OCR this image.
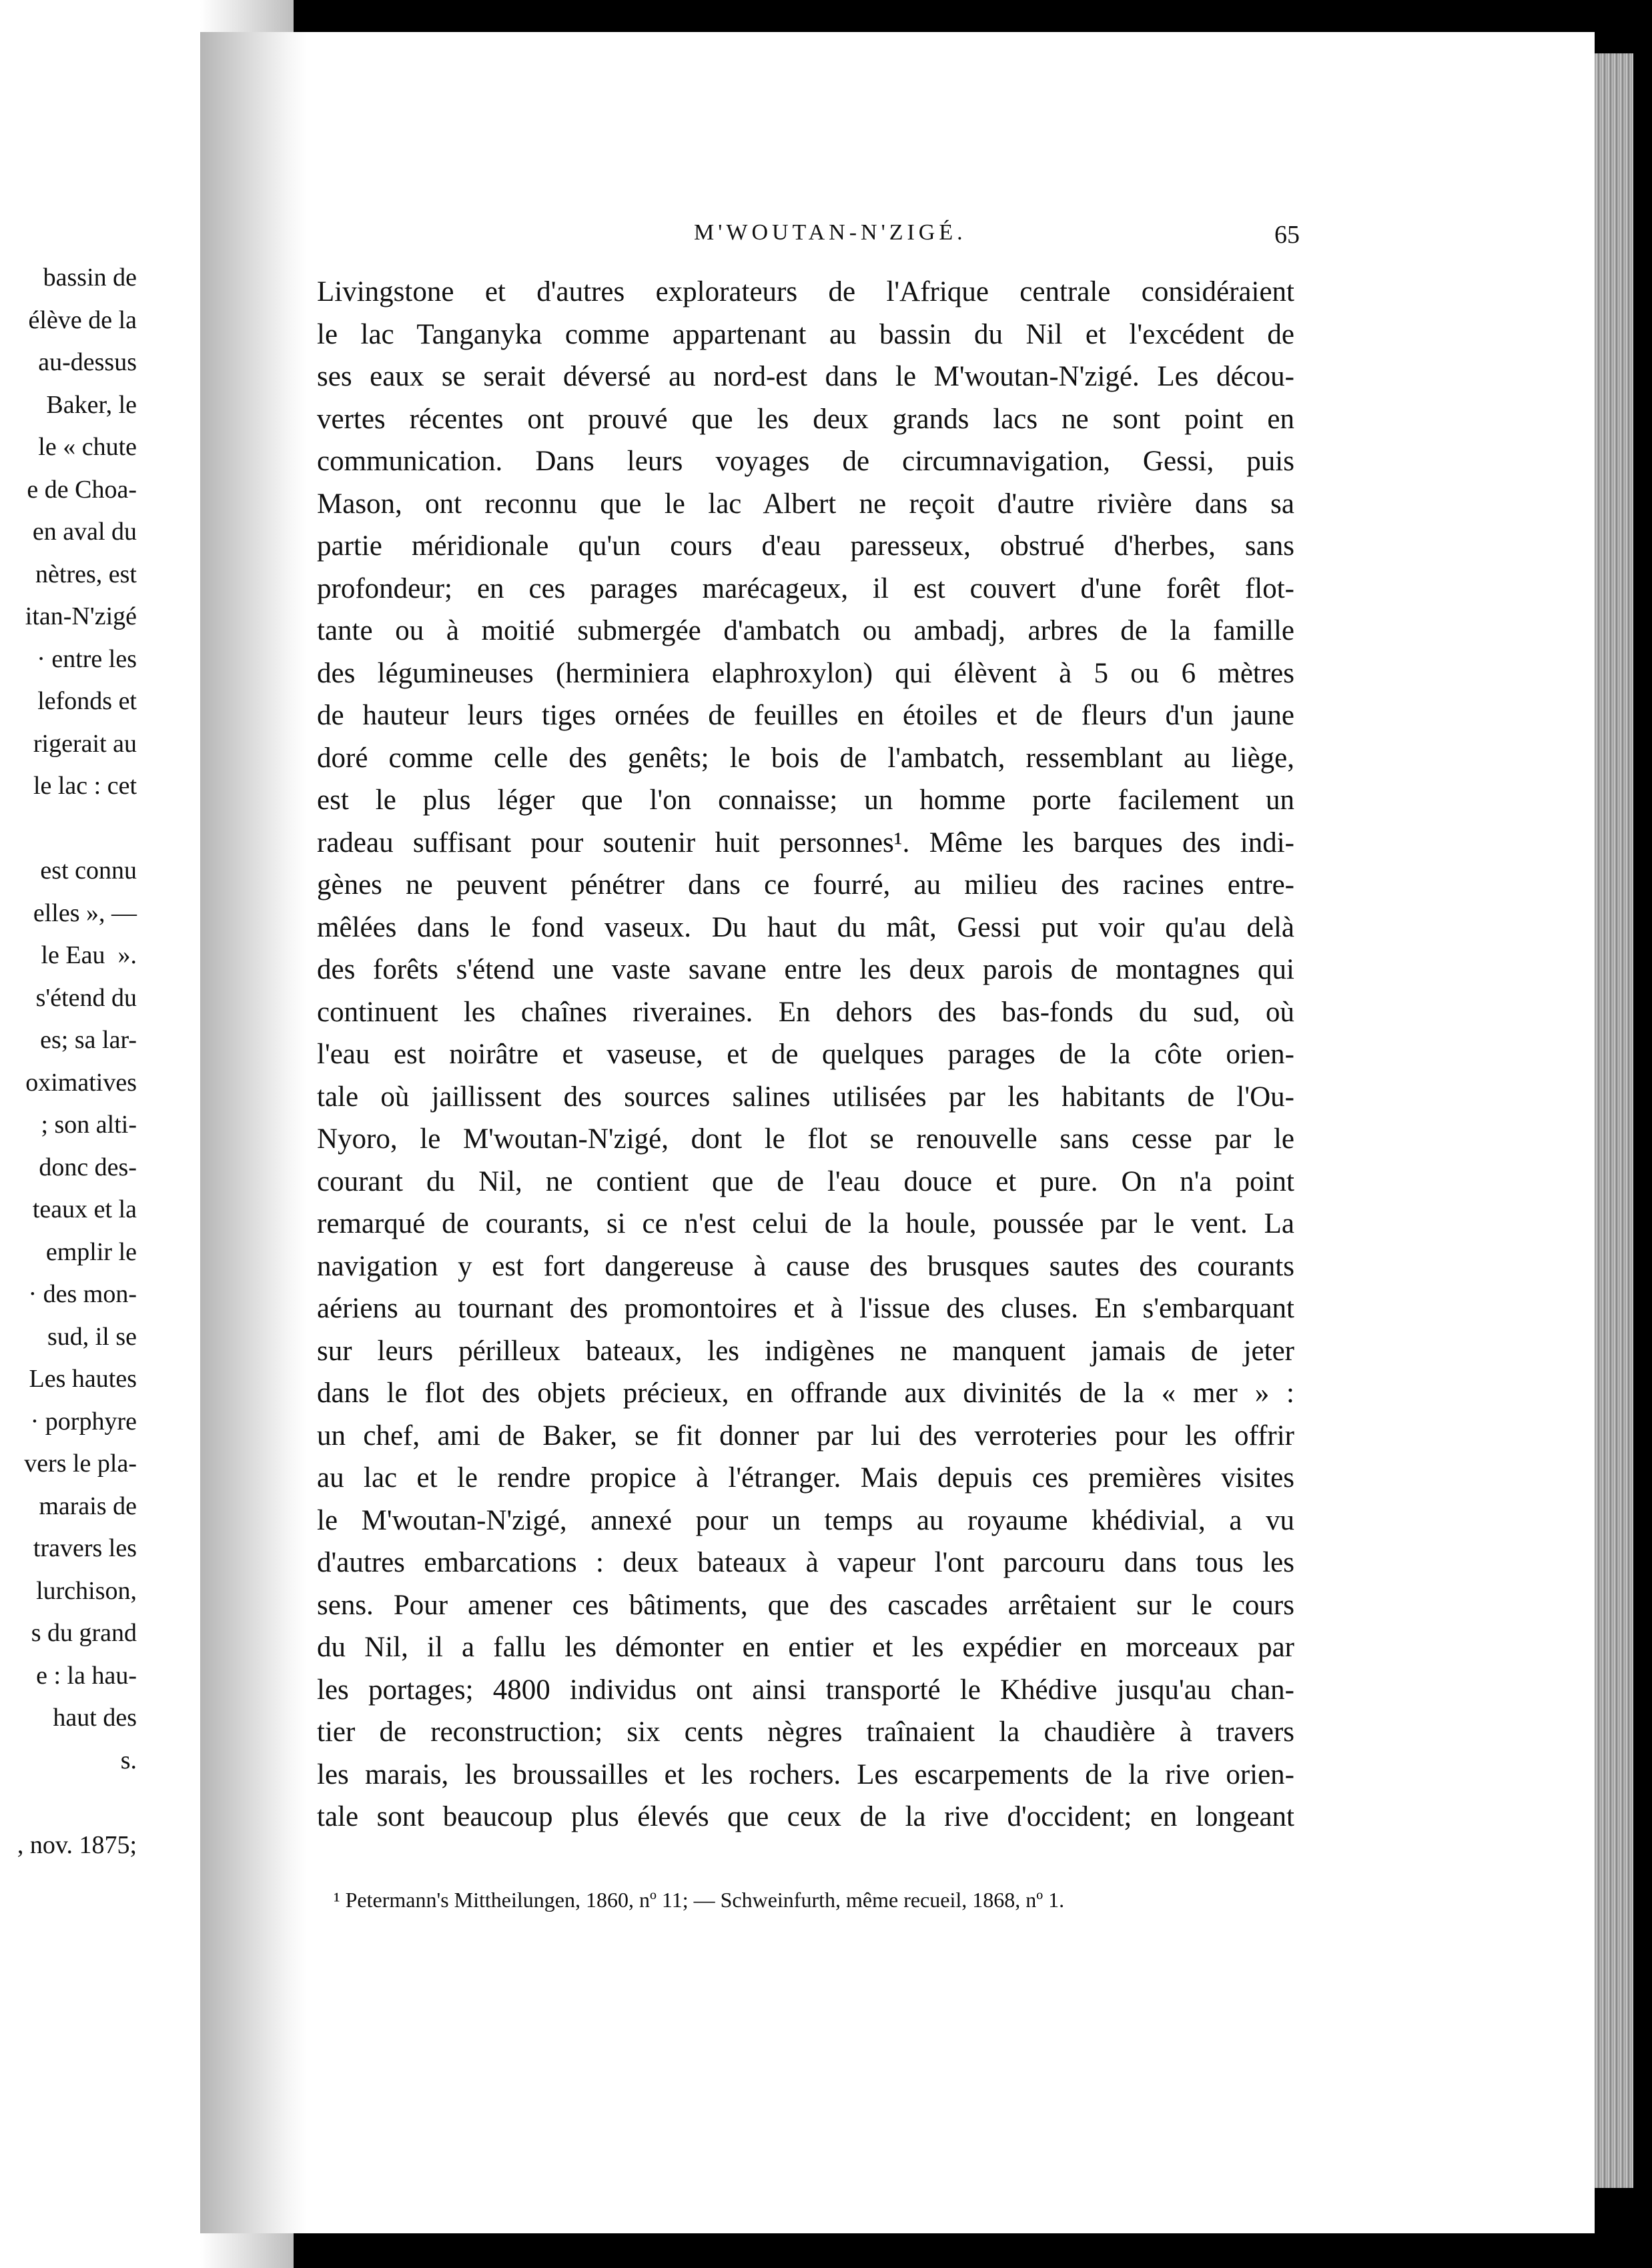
bassin de
élève de la
au-dessus
Baker, le
le « chute
e de Choa-
en aval du
nètres, est
itan-N'zigé
· entre les
lefonds et
rigerait au
le lac : cet
est connu
elles », —
le Eau  ».
s'étend du
es; sa lar-
oximatives
; son alti-
donc des-
teaux et la
emplir le
· des mon-
sud, il se
Les hautes
· porphyre
vers le pla-
marais de
travers les
lurchison,
s du grand
e : la hau-
haut des
s.
, nov. 1875;
M'WOUTAN-N'ZIGÉ.	65
Livingstone et d'autres explorateurs de l'Afrique centrale considéraient
le lac Tanganyka comme appartenant au bassin du Nil et l'excédent de
ses eaux se serait déversé au nord-est dans le M'woutan-N'zigé. Les décou-
vertes récentes ont prouvé que les deux grands lacs ne sont point en
communication. Dans leurs voyages de circumnavigation, Gessi, puis
Mason, ont reconnu que le lac Albert ne reçoit d'autre rivière dans sa
partie méridionale qu'un cours d'eau paresseux, obstrué d'herbes, sans
profondeur; en ces parages marécageux, il est couvert d'une forêt flot-
tante ou à moitié submergée d'ambatch ou ambadj, arbres de la famille
des légumineuses (herminiera elaphroxylon) qui élèvent à 5 ou 6 mètres
de hauteur leurs tiges ornées de feuilles en étoiles et de fleurs d'un jaune
doré comme celle des genêts; le bois de l'ambatch, ressemblant au liège,
est le plus léger que l'on connaisse; un homme porte facilement un
radeau suffisant pour soutenir huit personnes¹. Même les barques des indi-
gènes ne peuvent pénétrer dans ce fourré, au milieu des racines entre-
mêlées dans le fond vaseux. Du haut du mât, Gessi put voir qu'au delà
des forêts s'étend une vaste savane entre les deux parois de montagnes qui
continuent les chaînes riveraines. En dehors des bas-fonds du sud, où
l'eau est noirâtre et vaseuse, et de quelques parages de la côte orien-
tale où jaillissent des sources salines utilisées par les habitants de l'Ou-
Nyoro, le M'woutan-N'zigé, dont le flot se renouvelle sans cesse par le
courant du Nil, ne contient que de l'eau douce et pure. On n'a point
remarqué de courants, si ce n'est celui de la houle, poussée par le vent. La
navigation y est fort dangereuse à cause des brusques sautes des courants
aériens au tournant des promontoires et à l'issue des cluses. En s'embarquant
sur leurs périlleux bateaux, les indigènes ne manquent jamais de jeter
dans le flot des objets précieux, en offrande aux divinités de la « mer » :
un chef, ami de Baker, se fit donner par lui des verroteries pour les offrir
au lac et le rendre propice à l'étranger. Mais depuis ces premières visites
le M'woutan-N'zigé, annexé pour un temps au royaume khédivial, a vu
d'autres embarcations : deux bateaux à vapeur l'ont parcouru dans tous les
sens. Pour amener ces bâtiments, que des cascades arrêtaient sur le cours
du Nil, il a fallu les démonter en entier et les expédier en morceaux par
les portages; 4800 individus ont ainsi transporté le Khédive jusqu'au chan-
tier de reconstruction; six cents nègres traînaient la chaudière à travers
les marais, les broussailles et les rochers. Les escarpements de la rive orien-
tale sont beaucoup plus élevés que ceux de la rive d'occident; en longeant
¹ Petermann's Mittheilungen, 1860, nº 11; — Schweinfurth, même recueil, 1868, nº 1.
